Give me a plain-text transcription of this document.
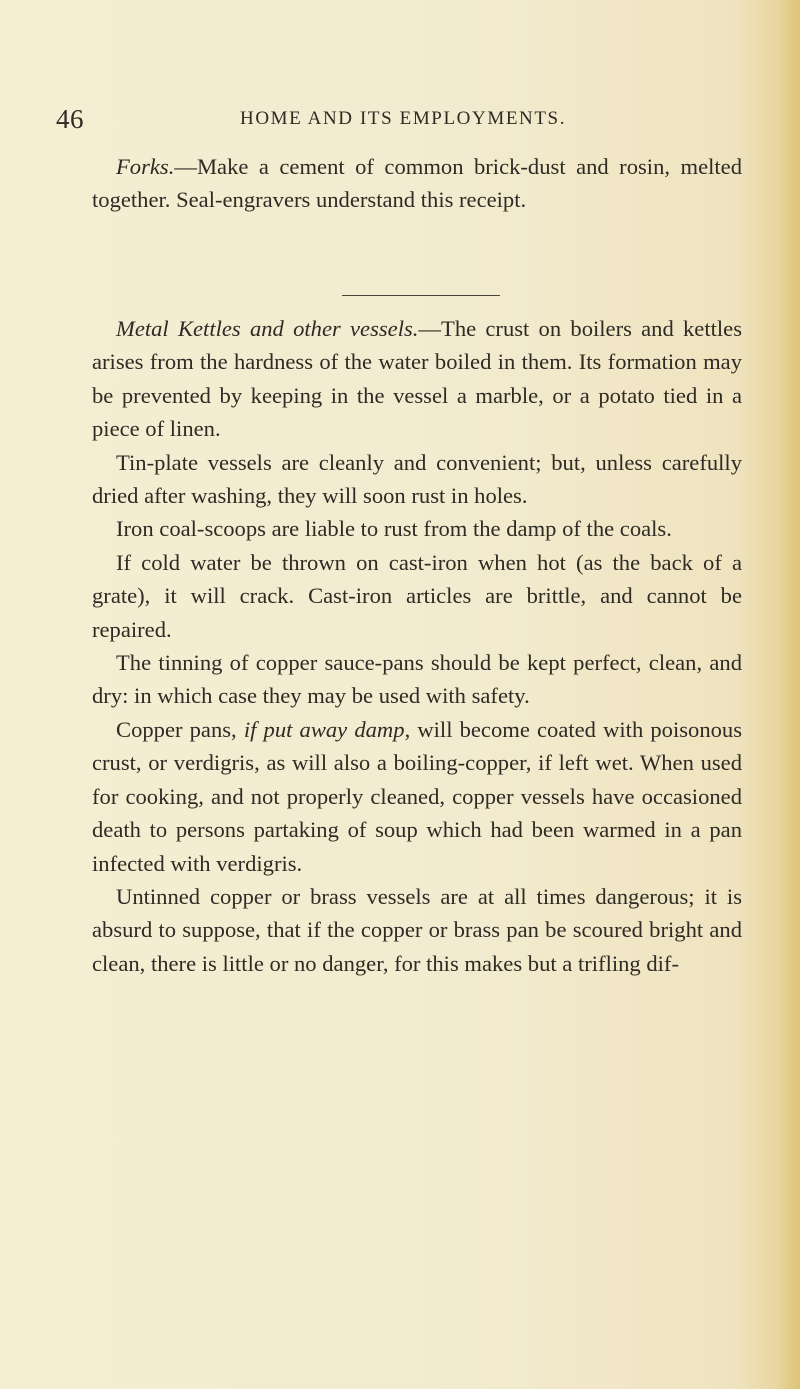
46	HOME AND ITS EMPLOYMENTS.

Forks.—Make a cement of common brick-dust and rosin, melted together. Seal-engravers understand this receipt.

Metal Kettles and other vessels.—The crust on boilers and kettles arises from the hardness of the water boiled in them. Its formation may be prevented by keeping in the vessel a marble, or a potato tied in a piece of linen.

Tin-plate vessels are cleanly and convenient; but, unless carefully dried after washing, they will soon rust in holes.

Iron coal-scoops are liable to rust from the damp of the coals.

If cold water be thrown on cast-iron when hot (as the back of a grate), it will crack. Cast-iron articles are brittle, and cannot be repaired.

The tinning of copper sauce-pans should be kept perfect, clean, and dry: in which case they may be used with safety.

Copper pans, if put away damp, will become coated with poisonous crust, or verdigris, as will also a boiling-copper, if left wet. When used for cooking, and not properly cleaned, copper vessels have occasioned death to persons partaking of soup which had been warmed in a pan infected with verdigris.

Untinned copper or brass vessels are at all times dangerous; it is absurd to suppose, that if the copper or brass pan be scoured bright and clean, there is little or no danger, for this makes but a trifling dif-
